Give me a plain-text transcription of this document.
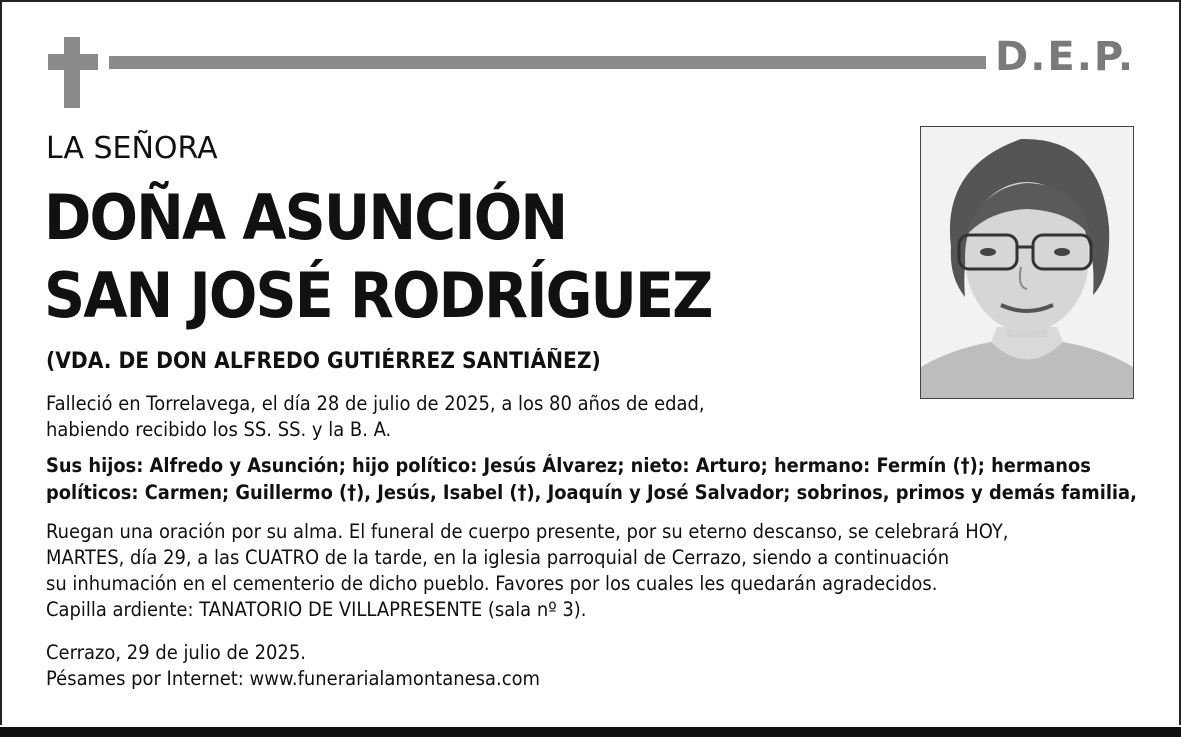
D.E.P.
LA SEÑORA
DOÑA ASUNCIÓN
SAN JOSÉ RODRÍGUEZ
(VDA. DE DON ALFREDO GUTIÉRREZ SANTIÁÑEZ)
Falleció en Torrelavega, el día 28 de julio de 2025, a los 80 años de edad,
habiendo recibido los SS. SS. y la B. A.
Sus hijos: Alfredo y Asunción; hijo político: Jesús Álvarez; nieto: Arturo; hermano: Fermín (†); hermanos
políticos: Carmen; Guillermo (†), Jesús, Isabel (†), Joaquín y José Salvador; sobrinos, primos y demás familia,
Ruegan una oración por su alma. El funeral de cuerpo presente, por su eterno descanso, se celebrará HOY,
MARTES, día 29, a las CUATRO de la tarde, en la iglesia parroquial de Cerrazo, siendo a continuación
su inhumación en el cementerio de dicho pueblo. Favores por los cuales les quedarán agradecidos.
Capilla ardiente: TANATORIO DE VILLAPRESENTE (sala nº 3).
Cerrazo, 29 de julio de 2025.
Pésames por Internet: www.funerarialamontanesa.com
